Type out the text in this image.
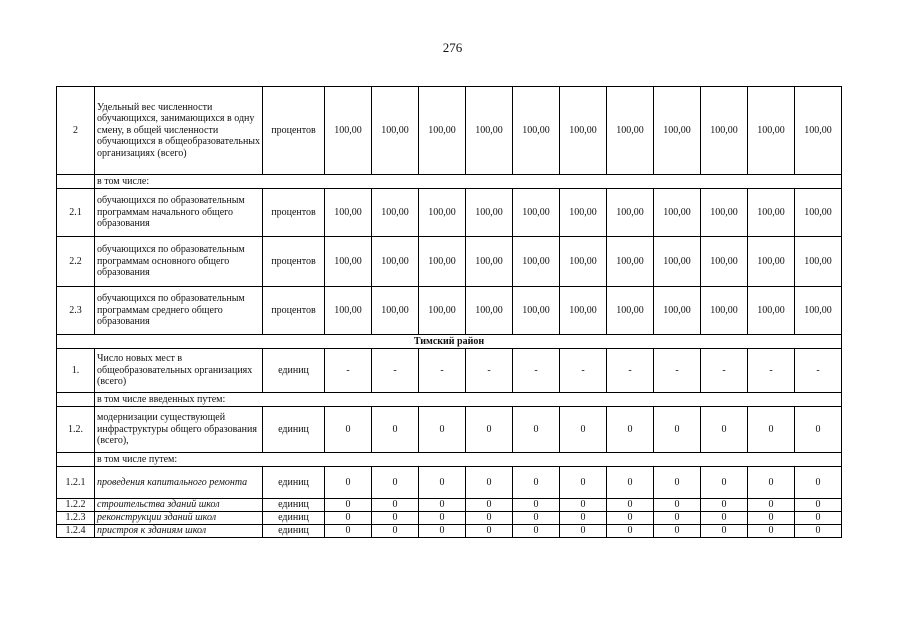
276
2	Удельный вес численности обучающихся, занимающихся в одну смену, в общей численности обучающихся в общеобразовательных организациях (всего)	процентов	100,00	100,00	100,00	100,00	100,00	100,00	100,00	100,00	100,00	100,00	100,00
	в том числе:												
2.1	обучающихся по образовательным программам начального общего образования	процентов	100,00	100,00	100,00	100,00	100,00	100,00	100,00	100,00	100,00	100,00	100,00
2.2	обучающихся по образовательным программам основного общего образования	процентов	100,00	100,00	100,00	100,00	100,00	100,00	100,00	100,00	100,00	100,00	100,00
2.3	обучающихся по образовательным программам среднего общего образования	процентов	100,00	100,00	100,00	100,00	100,00	100,00	100,00	100,00	100,00	100,00	100,00
Тимский район													
1.	Число новых мест в общеобразовательных организациях (всего)	единиц	-	-	-	-	-	-	-	-	-	-	-
	в том числе введенных путем:												
1.2.	модернизации существующей инфраструктуры общего образования (всего),	единиц	0	0	0	0	0	0	0	0	0	0	0
	в том числе путем:												
1.2.1	проведения капитального ремонта	единиц	0	0	0	0	0	0	0	0	0	0	0
1.2.2	строительства зданий школ	единиц	0	0	0	0	0	0	0	0	0	0	0
1.2.3	реконструкции зданий школ	единиц	0	0	0	0	0	0	0	0	0	0	0
1.2.4	пристроя к зданиям школ	единиц	0	0	0	0	0	0	0	0	0	0	0
